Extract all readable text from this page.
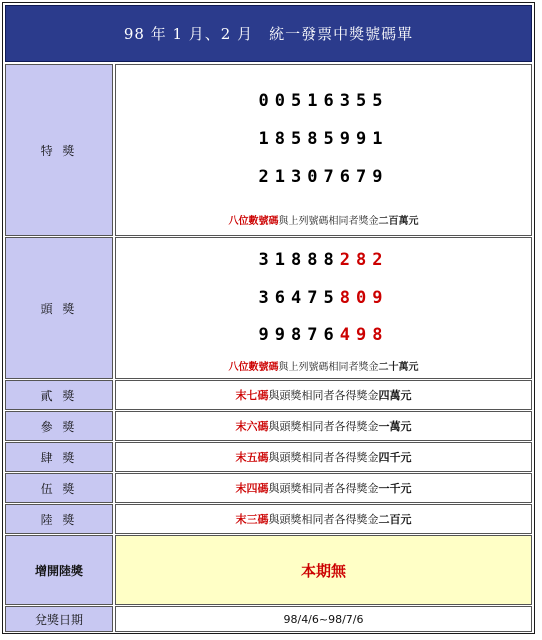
98 年 1 月、2 月　統一發票中獎號碼單
特 獎
00516355
18585991
21307679
八位數號碼與上列號碼相同者獎金二百萬元
頭 獎
31888282
36475809
99876498
八位數號碼與上列號碼相同者獎金二十萬元
貳 獎	末七碼 與頭獎相同者各得獎金 四萬元
參 獎	末六碼 與頭獎相同者各得獎金 一萬元
肆 獎	末五碼 與頭獎相同者各得獎金 四千元
伍 獎	末四碼 與頭獎相同者各得獎金 一千元
陸 獎	末三碼 與頭獎相同者各得獎金 二百元
增開陸獎	本期無
兌獎日期	98/4/6~98/7/6
